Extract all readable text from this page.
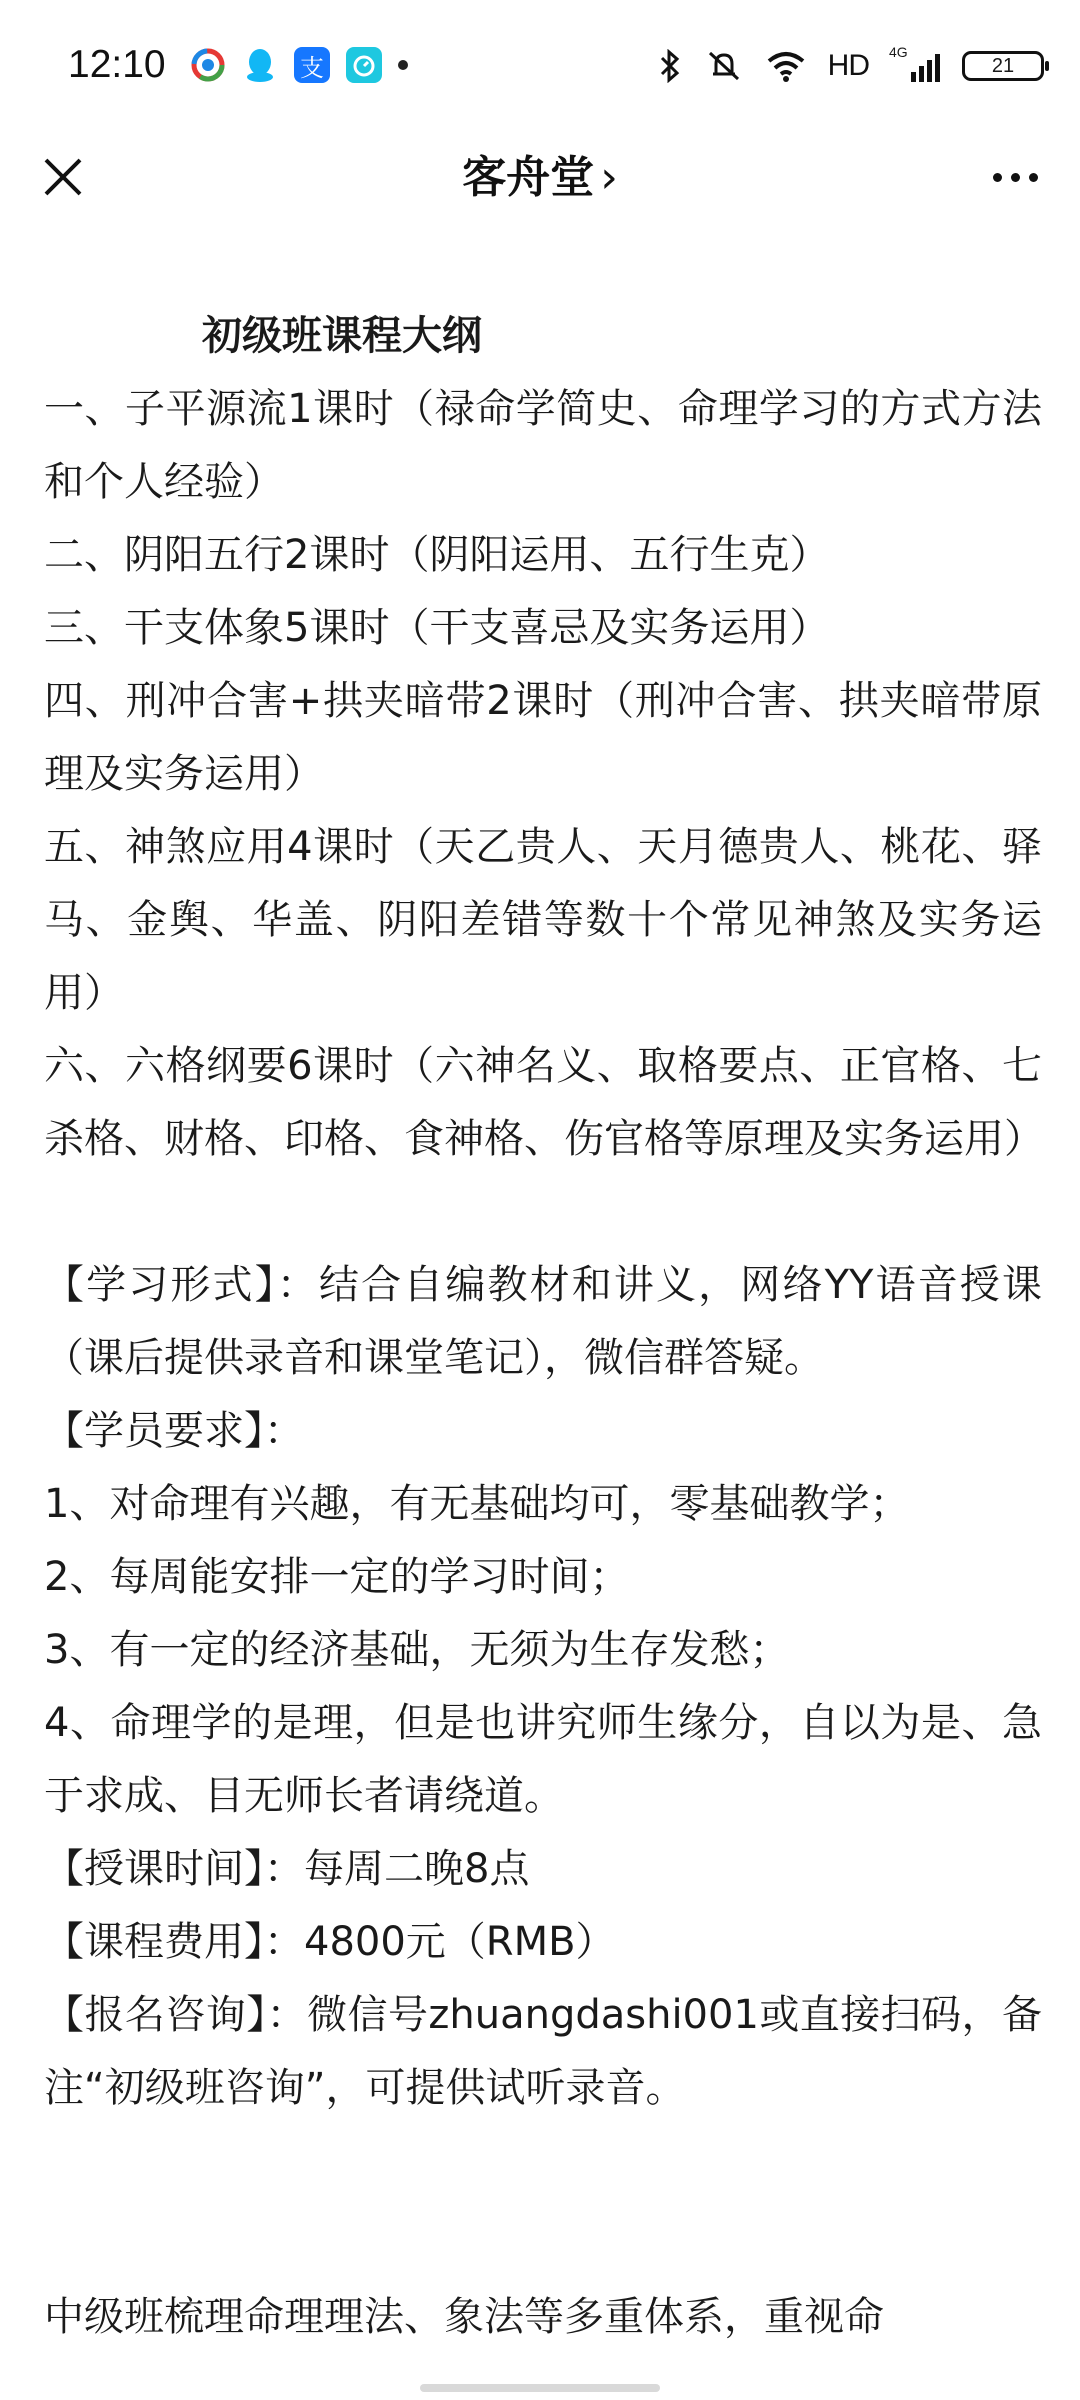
12:10	支	HD 4G
21
客舟堂 ›

初级班课程大纲

一、子平源流1课时（禄命学简史、命理学习的方式方法和个人经验）

二、阴阳五行2课时（阴阳运用、五行生克）

三、干支体象5课时（干支喜忌及实务运用）

四、刑冲合害+拱夹暗带2课时（刑冲合害、拱夹暗带原理及实务运用）

五、神煞应用4课时（天乙贵人、天月德贵人、桃花、驿马、金舆、华盖、阴阳差错等数十个常见神煞及实务运用）

六、六格纲要6课时（六神名义、取格要点、正官格、七杀格、财格、印格、食神格、伤官格等原理及实务运用）

【学习形式】：结合自编教材和讲义，网络YY语音授课（课后提供录音和课堂笔记），微信群答疑。

【学员要求】：

1、对命理有兴趣，有无基础均可，零基础教学；

2、每周能安排一定的学习时间；

3、有一定的经济基础，无须为生存发愁；

4、命理学的是理，但是也讲究师生缘分，自以为是、急于求成、目无师长者请绕道。

【授课时间】：每周二晚8点

【课程费用】：4800元（RMB）

【报名咨询】：微信号zhuangdashi001或直接扫码，备注“初级班咨询”，可提供试听录音。

中级班梳理命理理法、象法等多重体系，重视命
